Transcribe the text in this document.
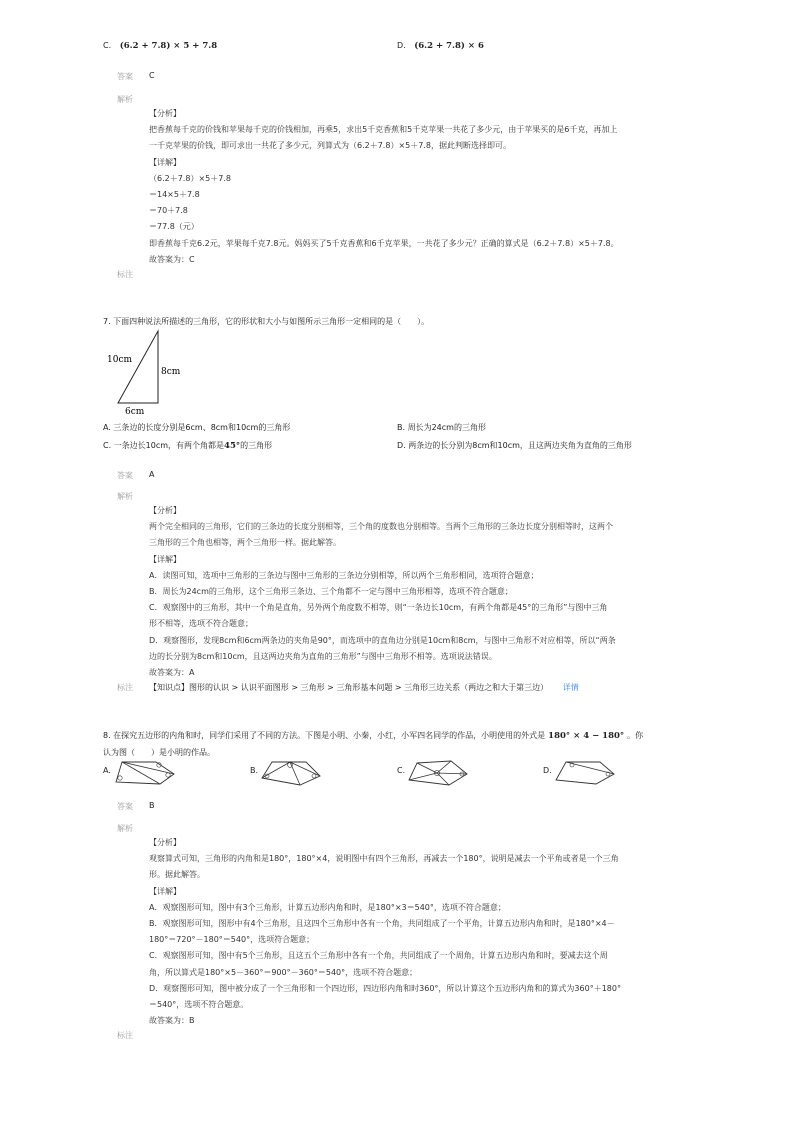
C. (6.2 + 7.8) × 5 + 7.8	D. (6.2 + 7.8) × 6
答案 C
解析
【分析】
把香蕉每千克的价钱和苹果每千克的价钱相加，再乘5，求出5千克香蕉和5千克苹果一共花了多少元，由于苹果买的是6千克，再加上
一千克苹果的价钱，即可求出一共花了多少元，列算式为（6.2＋7.8）×5＋7.8，据此判断选择即可。
【详解】
（6.2＋7.8）×5＋7.8
＝14×5＋7.8
＝70＋7.8
＝77.8（元）
即香蕉每千克6.2元，苹果每千克7.8元。妈妈买了5千克香蕉和6千克苹果，一共花了多少元？正确的算式是（6.2＋7.8）×5＋7.8。
故答案为：C
标注
7. 下面四种说法所描述的三角形，它的形状和大小与如图所示三角形一定相同的是（　　）。
10cm
8cm
6cm
A. 三条边的长度分别是6cm、8cm和10cm的三角形	B. 周长为24cm的三角形
C. 一条边长10cm，有两个角都是45°的三角形	D. 两条边的长分别为8cm和10cm，且这两边夹角为直角的三角形
答案 A
解析
【分析】
两个完全相同的三角形，它们的三条边的长度分别相等，三个角的度数也分别相等。当两个三角形的三条边长度分别相等时，这两个
三角形的三个角也相等，两个三角形一样。据此解答。
【详解】
A．读图可知，选项中三角形的三条边与图中三角形的三条边分别相等，所以两个三角形相同，选项符合题意；
B．周长为24cm的三角形，这个三角形三条边、三个角都不一定与图中三角形相等，选项不符合题意；
C．观察图中的三角形，其中一个角是直角，另外两个角度数不相等，则“一条边长10cm，有两个角都是45°的三角形”与图中三角
形不相等，选项不符合题意；
D．观察图形，发现8cm和6cm两条边的夹角是90°，而选项中的直角边分别是10cm和8cm，与图中三角形不对应相等，所以“两条
边的长分别为8cm和10cm，且这两边夹角为直角的三角形”与图中三角形不相等。选项说法错误。
故答案为：A
标注 【知识点】图形的认识 > 认识平面图形 > 三角形 > 三角形基本问题 > 三角形三边关系（两边之和大于第三边） 详情
8. 在探究五边形的内角和时，同学们采用了不同的方法。下图是小明、小秦，小红，小军四名同学的作品，小明使用的外式是 180° × 4 − 180° 。你
认为图（　　）是小明的作品。
A.	B.	C.	D.
答案 B
解析
【分析】
观察算式可知，三角形的内角和是180°，180°×4，说明图中有四个三角形，再减去一个180°，说明是减去一个平角或者是一个三角
形。据此解答。
【详解】
A．观察图形可知，图中有3个三角形，计算五边形内角和时，是180°×3＝540°，选项不符合题意；
B．观察图形可知，图形中有4个三角形，且这四个三角形中各有一个角，共同组成了一个平角，计算五边形内角和时，是180°×4－
180°＝720°－180°＝540°，选项符合题意；
C．观察图形可知，图中有5个三角形，且这五个三角形中各有一个角，共同组成了一个周角，计算五边形内角和时，要减去这个周
角，所以算式是180°×5－360°＝900°－360°＝540°，选项不符合题意；
D．观察图形可知，图中被分成了一个三角形和一个四边形，四边形内角和时360°，所以计算这个五边形内角和的算式为360°＋180°
＝540°，选项不符合题意。
故答案为：B
标注
